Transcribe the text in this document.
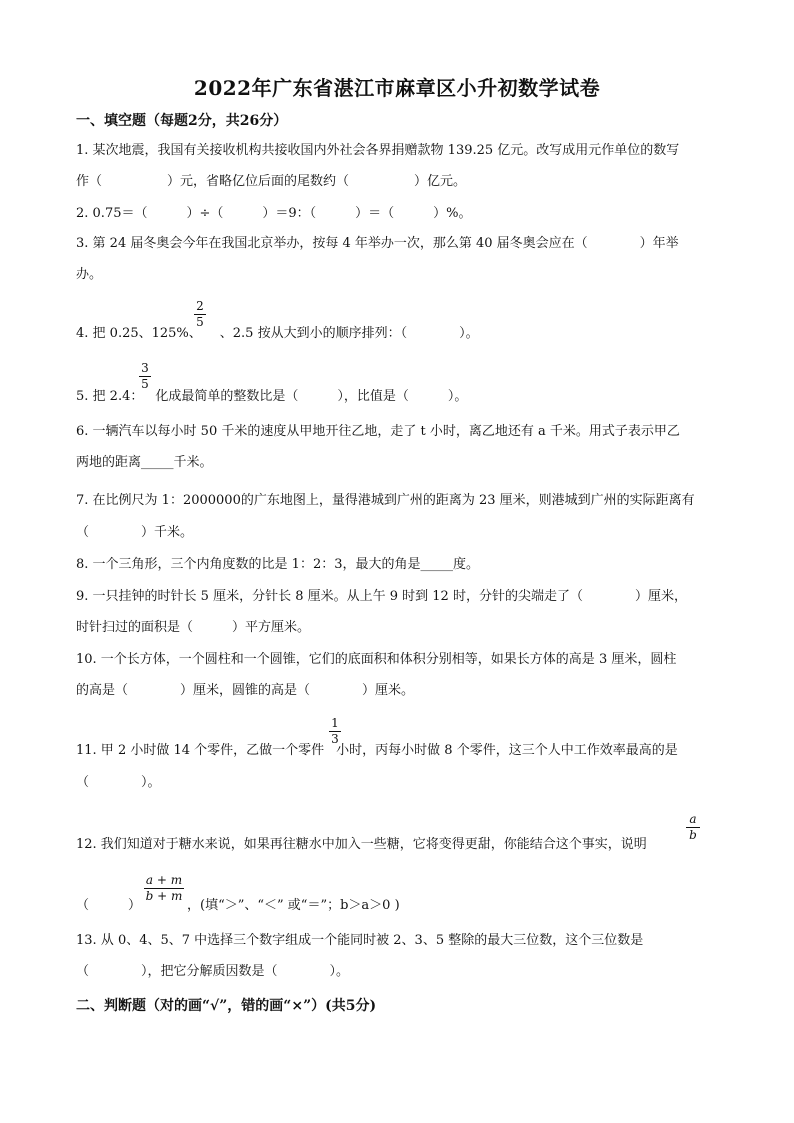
2022年广东省湛江市麻章区小升初数学试卷
一、填空题（每题2分，共26分）
1. 某次地震，我国有关接收机构共接收国内外社会各界捐赠款物 139.25 亿元。改写成用元作单位的数写
作（　　　　　）元，省略亿位后面的尾数约（　　　　　）亿元。
2. 0.75＝（　　　）÷（　　　）＝9：（　　　）＝（　　　）%。
3. 第 24 届冬奥会今年在我国北京举办，按每 4 年举办一次，那么第 40 届冬奥会应在（　　　　）年举
办。
4. 把 0.25、125%、 、2.5 按从大到小的顺序排列：（　　　　）。
2
5
5. 把 2.4： 化成最简单的整数比是（　　　），比值是（　　　）。
3
5
6. 一辆汽车以每小时 50 千米的速度从甲地开往乙地，走了 t 小时，离乙地还有 a 千米。用式子表示甲乙
两地的距离_____千米。
7. 在比例尺为 1：2000000的广东地图上，量得港城到广州的距离为 23 厘米，则港城到广州的实际距离有
（　　　　）千米。
8. 一个三角形，三个内角度数的比是 1：2：3，最大的角是_____度。
9. 一只挂钟的时针长 5 厘米，分针长 8 厘米。从上午 9 时到 12 时，分针的尖端走了（　　　　）厘米，
时针扫过的面积是（　　　）平方厘米。
10. 一个长方体，一个圆柱和一个圆锥，它们的底面积和体积分别相等，如果长方体的高是 3 厘米，圆柱
的高是（　　　　）厘米，圆锥的高是（　　　　）厘米。
11. 甲 2 小时做 14 个零件，乙做一个零件 小时，丙每小时做 8 个零件，这三个人中工作效率最高的是
1
3
（　　　　）。
12. 我们知道对于糖水来说，如果再往糖水中加入一些糖，它将变得更甜，你能结合这个事实，说明
a
b
（　　　）	，(填“＞”、“＜” 或“＝”；b＞a＞0 )
a + m
b + m
13. 从 0、4、5、7 中选择三个数字组成一个能同时被 2、3、5 整除的最大三位数，这个三位数是
（　　　　），把它分解质因数是（　　　　）。
二、判断题（对的画“√”，错的画“×”）(共5分)
